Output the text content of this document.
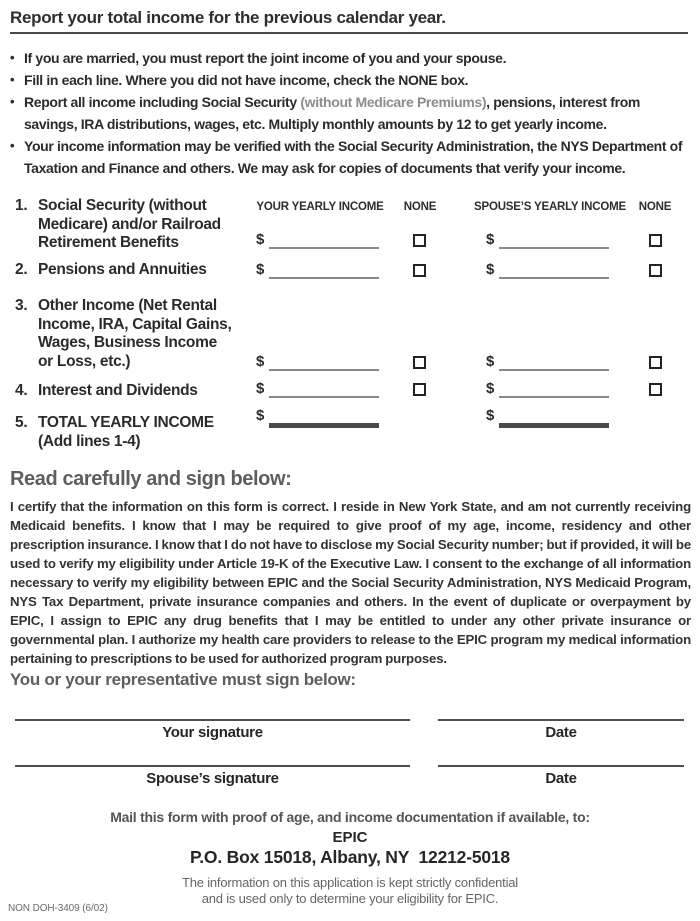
Report your total income for the previous calendar year.
• If you are married, you must report the joint income of you and your spouse.
• Fill in each line. Where you did not have income, check the NONE box.
• Report all income including Social Security (without Medicare Premiums), pensions, interest from savings, IRA distributions, wages, etc. Multiply monthly amounts by 12 to get yearly income.
• Your income information may be verified with the Social Security Administration, the NYS Department of Taxation and Finance and others. We may ask for copies of documents that verify your income.
YOUR YEARLY INCOME	NONE	SPOUSE’S YEARLY INCOME	NONE
1. Social Security (without Medicare) and/or Railroad Retirement Benefits	$	$
2. Pensions and Annuities	$	$
3. Other Income (Net Rental Income, IRA, Capital Gains, Wages, Business Income or Loss, etc.)	$	$
4. Interest and Dividends	$	$
5. TOTAL YEARLY INCOME
(Add lines 1-4)
$	$
Read carefully and sign below:
I certify that the information on this form is correct. I reside in New York State, and am not currently receiving Medicaid benefits. I know that I may be required to give proof of my age, income, residency and other prescription insurance. I know that I do not have to disclose my Social Security number; but if provided, it will be used to verify my eligibility under Article 19-K of the Executive Law. I consent to the exchange of all information necessary to verify my eligibility between EPIC and the Social Security Administration, NYS Medicaid Program, NYS Tax Department, private insurance companies and others. In the event of duplicate or overpayment by EPIC, I assign to EPIC any drug benefits that I may be entitled to under any other private insurance or governmental plan. I authorize my health care providers to release to the EPIC program my medical information pertaining to prescriptions to be used for authorized program purposes.
You or your representative must sign below:
Your signature	Date
Spouse’s signature	Date
Mail this form with proof of age, and income documentation if available, to:
EPIC
P.O. Box 15018, Albany, NY  12212-5018
The information on this application is kept strictly confidential
and is used only to determine your eligibility for EPIC.
NON DOH-3409 (6/02)
